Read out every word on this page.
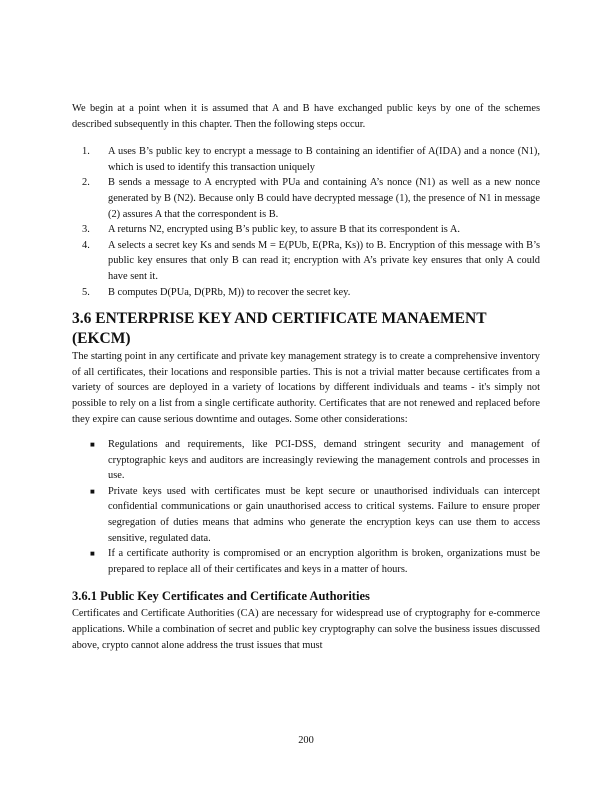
We begin at a point when it is assumed that A and B have exchanged public keys by one of the schemes described subsequently in this chapter. Then the following steps occur.

1. A uses B’s public key to encrypt a message to B containing an identifier of A(IDA) and a nonce (N1), which is used to identify this transaction uniquely
2. B sends a message to A encrypted with PUa and containing A’s nonce (N1) as well as a new nonce generated by B (N2). Because only B could have decrypted message (1), the presence of N1 in message (2) assures A that the correspondent is B.
3. A returns N2, encrypted using B’s public key, to assure B that its correspondent is A.
4. A selects a secret key Ks and sends M = E(PUb, E(PRa, Ks)) to B. Encryption of this message with B’s public key ensures that only B can read it; encryption with A’s private key ensures that only A could have sent it.
5. B computes D(PUa, D(PRb, M)) to recover the secret key.
3.6 ENTERPRISE KEY AND CERTIFICATE MANAEMENT (EKCM)

The starting point in any certificate and private key management strategy is to create a comprehensive inventory of all certificates, their locations and responsible parties. This is not a trivial matter because certificates from a variety of sources are deployed in a variety of locations by different individuals and teams - it's simply not possible to rely on a list from a single certificate authority. Certificates that are not renewed and replaced before they expire can cause serious downtime and outages. Some other considerations:

■ Regulations and requirements, like PCI-DSS, demand stringent security and management of cryptographic keys and auditors are increasingly reviewing the management controls and processes in use.
■ Private keys used with certificates must be kept secure or unauthorised individuals can intercept confidential communications or gain unauthorised access to critical systems. Failure to ensure proper segregation of duties means that admins who generate the encryption keys can use them to access sensitive, regulated data.
■ If a certificate authority is compromised or an encryption algorithm is broken, organizations must be prepared to replace all of their certificates and keys in a matter of hours.
3.6.1 Public Key Certificates and Certificate Authorities

Certificates and Certificate Authorities (CA) are necessary for widespread use of cryptography for e-commerce applications. While a combination of secret and public key cryptography can solve the business issues discussed above, crypto cannot alone address the trust issues that must

200
